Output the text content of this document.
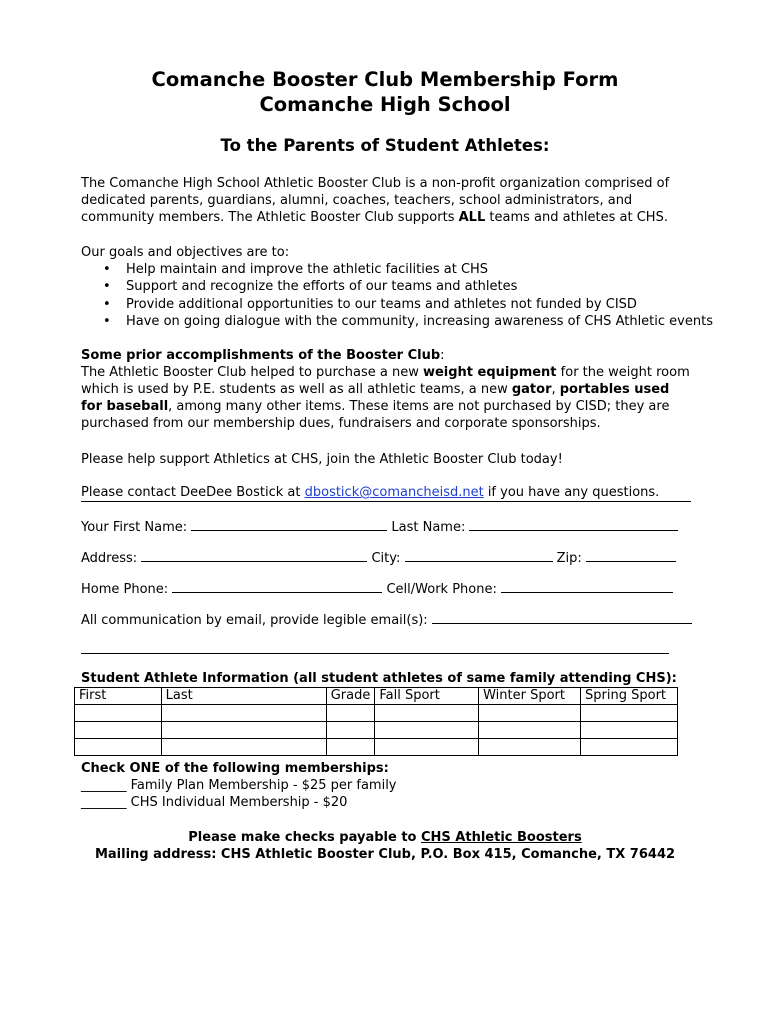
Comanche Booster Club Membership Form
Comanche High School
To the Parents of Student Athletes:
The Comanche High School Athletic Booster Club is a non-profit organization comprised of dedicated parents, guardians, alumni, coaches, teachers, school administrators, and community members. The Athletic Booster Club supports ALL teams and athletes at CHS.
Our goals and objectives are to:
• Help maintain and improve the athletic facilities at CHS
• Support and recognize the efforts of our teams and athletes
• Provide additional opportunities to our teams and athletes not funded by CISD
• Have on going dialogue with the community, increasing awareness of CHS Athletic events
Some prior accomplishments of the Booster Club:
The Athletic Booster Club helped to purchase a new weight equipment for the weight room which is used by P.E. students as well as all athletic teams, a new gator, portables used for baseball, among many other items. These items are not purchased by CISD; they are purchased from our membership dues, fundraisers and corporate sponsorships.
Please help support Athletics at CHS, join the Athletic Booster Club today!
Please contact DeeDee Bostick at dbostick@comancheisd.net if you have any questions.
Your First Name:	Last Name:
Address:	City:	Zip:
Home Phone:	Cell/Work Phone:
All communication by email, provide legible email(s):
Student Athlete Information (all student athletes of same family attending CHS):
First	Last	Grade	Fall Sport	Winter Sport	Spring Sport

Check ONE of the following memberships:
_______ Family Plan Membership - $25 per family
_______ CHS Individual Membership - $20
Please make checks payable to CHS Athletic Boosters
Mailing address: CHS Athletic Booster Club, P.O. Box 415, Comanche, TX 76442
